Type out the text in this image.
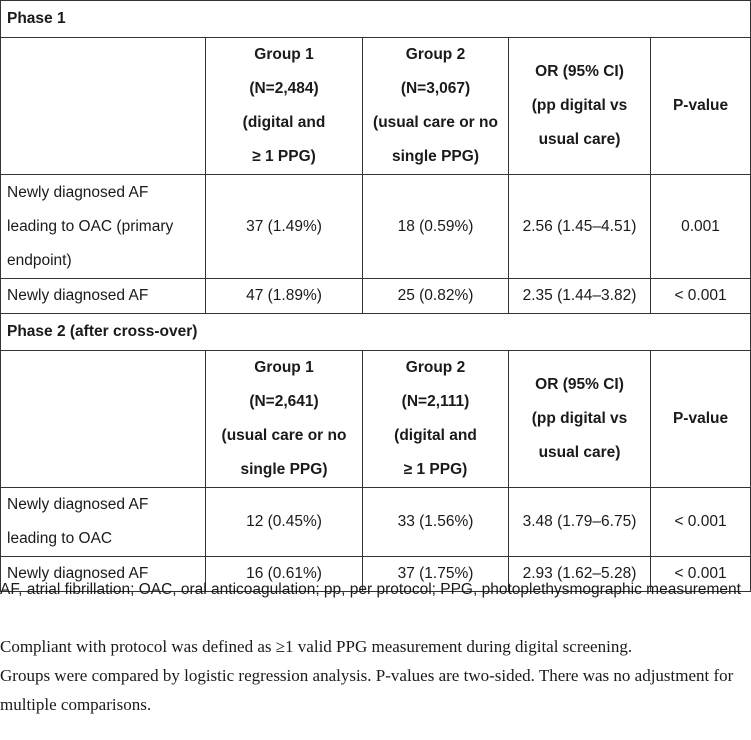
Phase 1				

	Group 1
(N=2,484)
(digital and
≥ 1 PPG)	Group 2
(N=3,067)
(usual care or no
single PPG)	OR (95% CI)
(pp digital vs
usual care)	P-value

Newly diagnosed AF
leading to OAC (primary
endpoint)	37 (1.49%)	18 (0.59%)	2.56 (1.45–4.51)	0.001

Newly diagnosed AF	47 (1.89%)	25 (0.82%)	2.35 (1.44–3.82)	< 0.001
Phase 2 (after cross-over)				

	Group 1
(N=2,641)
(usual care or no
single PPG)	Group 2
(N=2,111)
(digital and
≥ 1 PPG)	OR (95% CI)
(pp digital vs
usual care)	P-value

Newly diagnosed AF
leading to OAC	12 (0.45%)	33 (1.56%)	3.48 (1.79–6.75)	< 0.001

Newly diagnosed AF	16 (0.61%)	37 (1.75%)	2.93 (1.62–5.28)	< 0.001

AF, atrial fibrillation; OAC, oral anticoagulation; pp, per protocol; PPG, photoplethysmographic measurement

Compliant with protocol was defined as ≥1 valid PPG measurement during digital screening.

Groups were compared by logistic regression analysis. P-values are two-sided. There was no adjustment for multiple comparisons.
